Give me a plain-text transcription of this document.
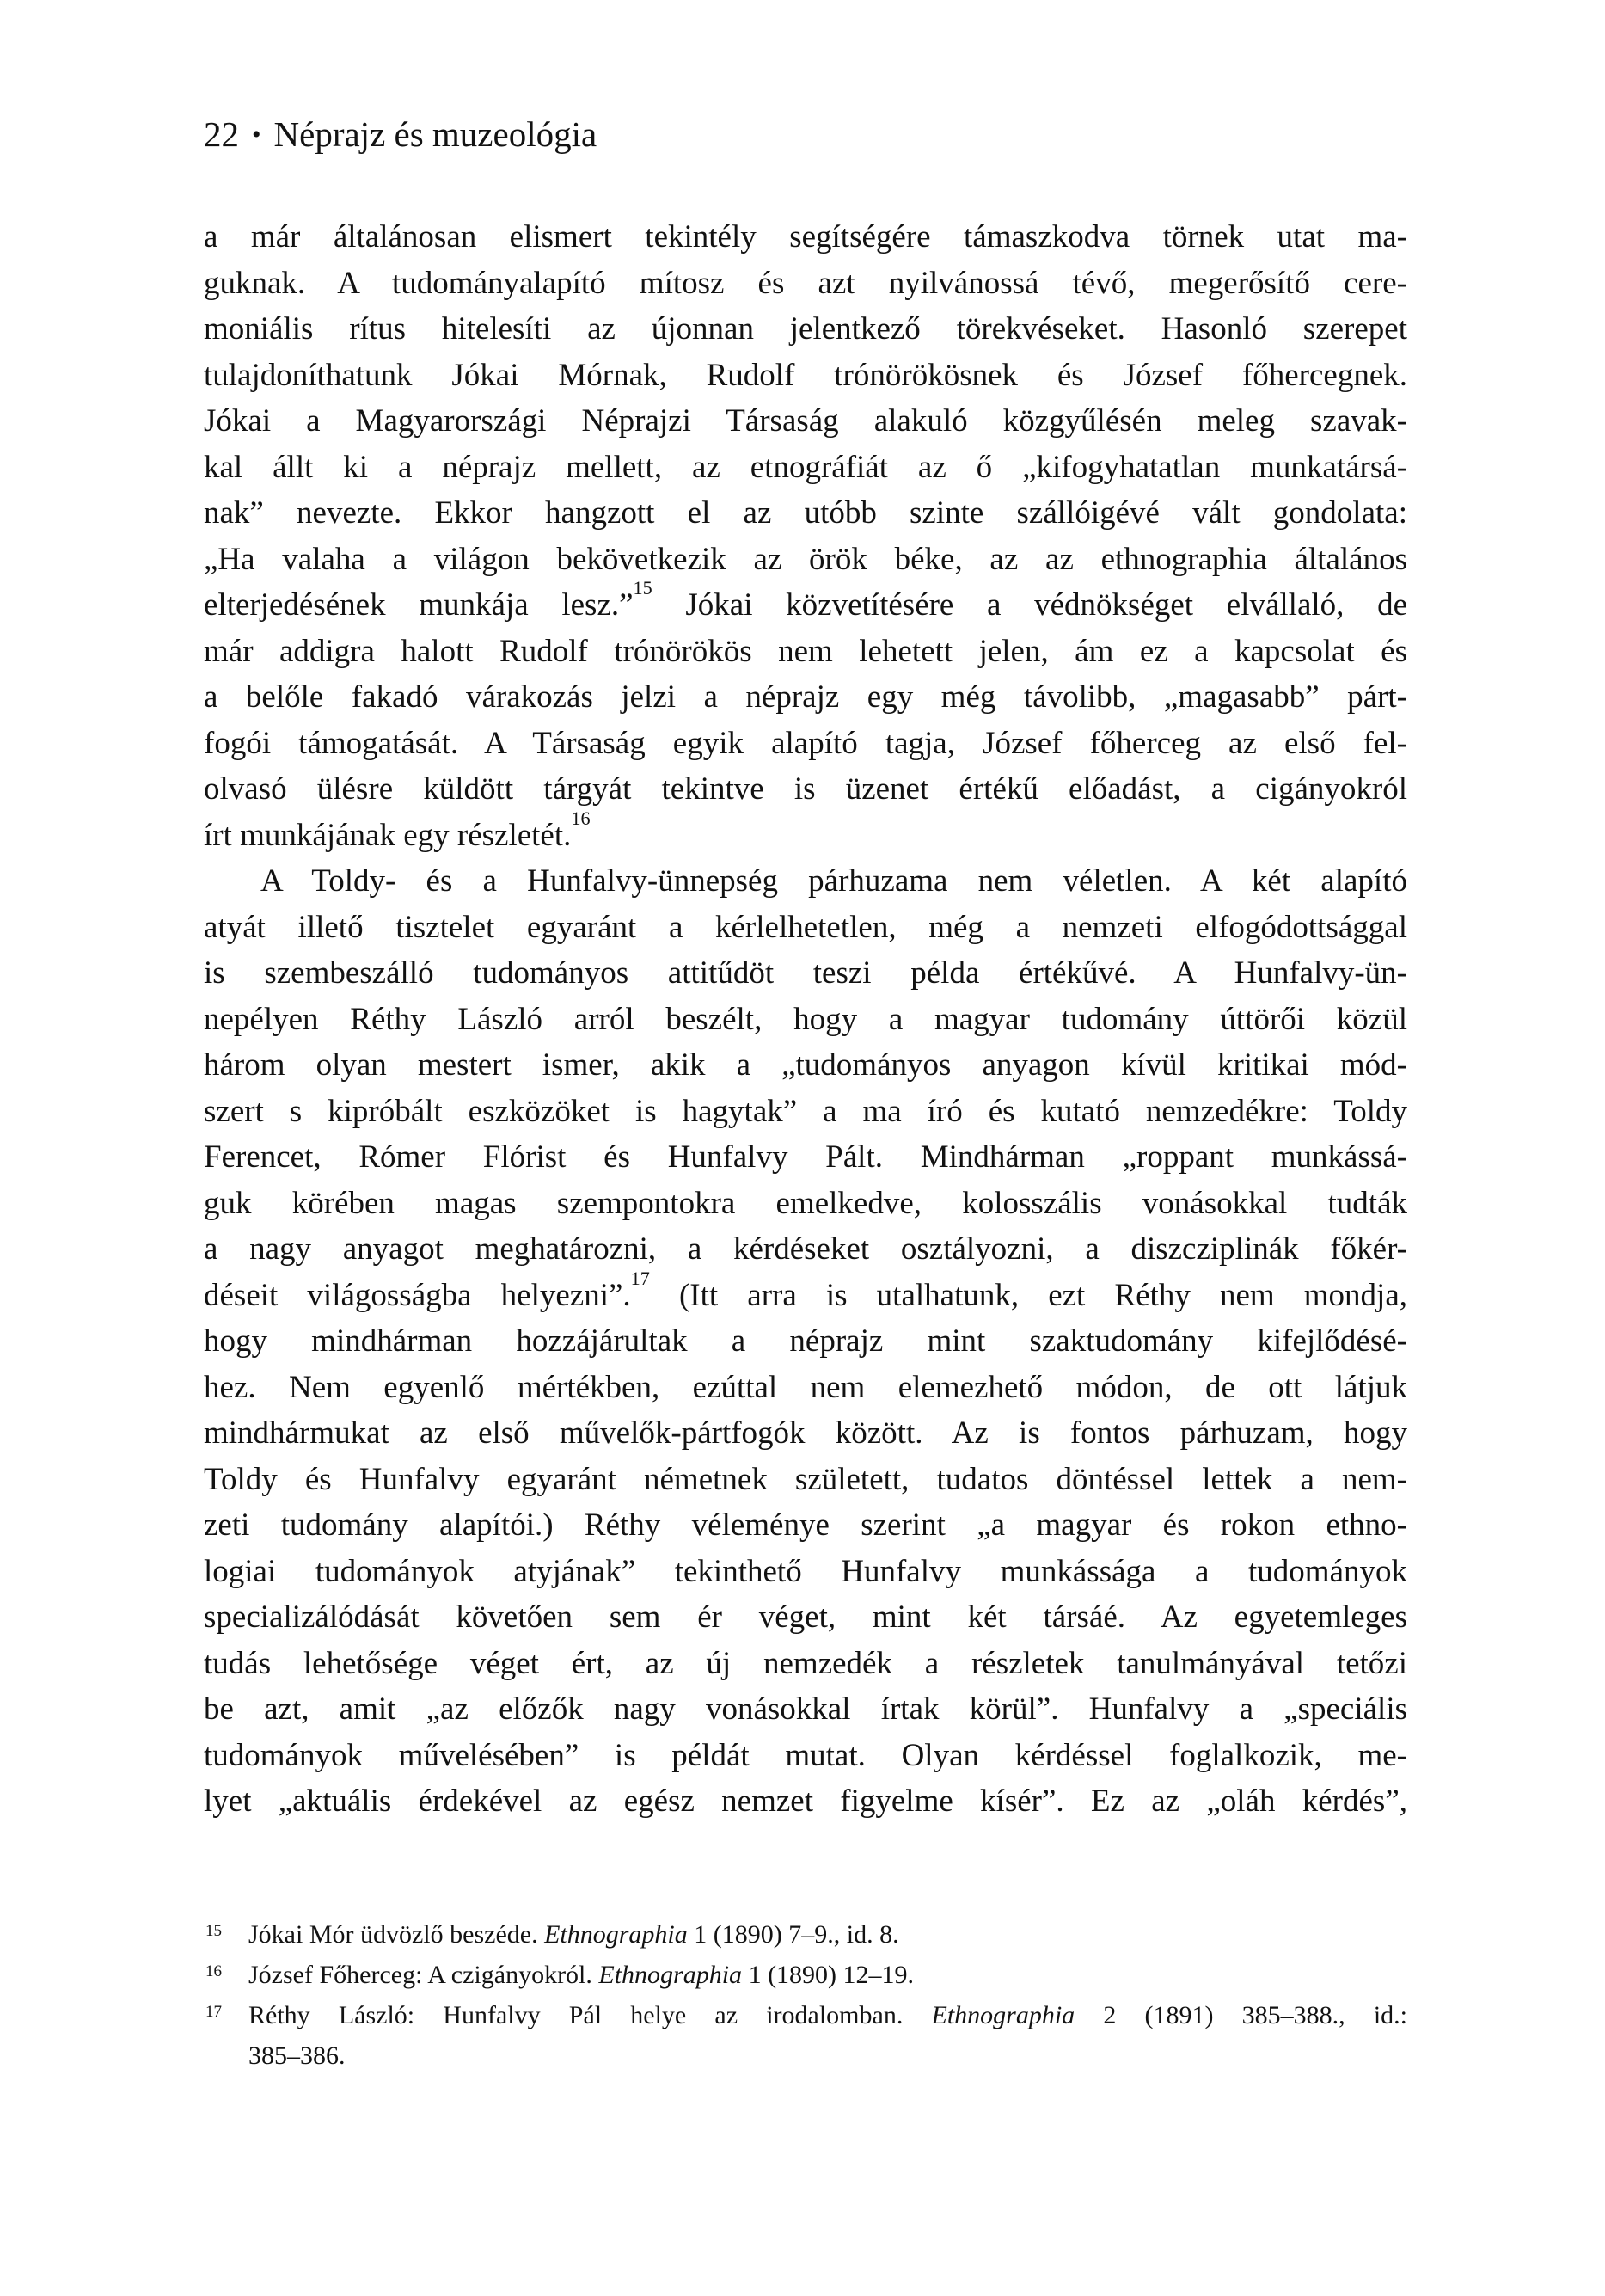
22 • Néprajz és muzeológia
a már általánosan elismert tekintély segítségére támaszkodva törnek utat ma-
guknak. A tudományalapító mítosz és azt nyilvánossá tévő, megerősítő cere-
moniális rítus hitelesíti az újonnan jelentkező törekvéseket. Hasonló szerepet
tulajdoníthatunk Jókai Mórnak, Rudolf trónörökösnek és József főhercegnek.
Jókai a Magyarországi Néprajzi Társaság alakuló közgyűlésén meleg szavak-
kal állt ki a néprajz mellett, az etnográfiát az ő „kifogyhatatlan munkatársá-
nak” nevezte. Ekkor hangzott el az utóbb szinte szállóigévé vált gondolata:
„Ha valaha a világon bekövetkezik az örök béke, az az ethnographia általános
elterjedésének munkája lesz.”$^{15}$ Jókai közvetítésére a védnökséget elvállaló, de
már addigra halott Rudolf trónörökös nem lehetett jelen, ám ez a kapcsolat és
a belőle fakadó várakozás jelzi a néprajz egy még távolibb, „magasabb” párt-
fogói támogatását. A Társaság egyik alapító tagja, József főherceg az első fel-
olvasó ülésre küldött tárgyát tekintve is üzenet értékű előadást, a cigányokról
írt munkájának egy részletét.$^{16}$
A Toldy- és a Hunfalvy-ünnepség párhuzama nem véletlen. A két alapító
atyát illető tisztelet egyaránt a kérlelhetetlen, még a nemzeti elfogódottsággal
is szembeszálló tudományos attitűdöt teszi példa értékűvé. A Hunfalvy-ün-
nepélyen Réthy László arról beszélt, hogy a magyar tudomány úttörői közül
három olyan mestert ismer, akik a „tudományos anyagon kívül kritikai mód-
szert s kipróbált eszközöket is hagytak” a ma író és kutató nemzedékre: Toldy
Ferencet, Rómer Flórist és Hunfalvy Pált. Mindhárman „roppant munkássá-
guk körében magas szempontokra emelkedve, kolosszális vonásokkal tudták
a nagy anyagot meghatározni, a kérdéseket osztályozni, a diszcziplinák főkér-
déseit világosságba helyezni”.$^{17}$ (Itt arra is utalhatunk, ezt Réthy nem mondja,
hogy mindhárman hozzájárultak a néprajz mint szaktudomány kifejlődésé-
hez. Nem egyenlő mértékben, ezúttal nem elemezhető módon, de ott látjuk
mindhármukat az első művelők-pártfogók között. Az is fontos párhuzam, hogy
Toldy és Hunfalvy egyaránt németnek született, tudatos döntéssel lettek a nem-
zeti tudomány alapítói.) Réthy véleménye szerint „a magyar és rokon ethno-
logiai tudományok atyjának” tekinthető Hunfalvy munkássága a tudományok
specializálódását követően sem ér véget, mint két társáé. Az egyetemleges
tudás lehetősége véget ért, az új nemzedék a részletek tanulmányával tetőzi
be azt, amit „az előzők nagy vonásokkal írtak körül”. Hunfalvy a „speciális
tudományok művelésében” is példát mutat. Olyan kérdéssel foglalkozik, me-
lyet „aktuális érdekével az egész nemzet figyelme kísér”. Ez az „oláh kérdés”,
15 Jókai Mór üdvözlő beszéde. Ethnographia 1 (1890) 7–9., id. 8.
16 József Főherceg: A czigányokról. Ethnographia 1 (1890) 12–19.
17 Réthy László: Hunfalvy Pál helye az irodalomban. Ethnographia 2 (1891) 385–388., id.:
385–386.
